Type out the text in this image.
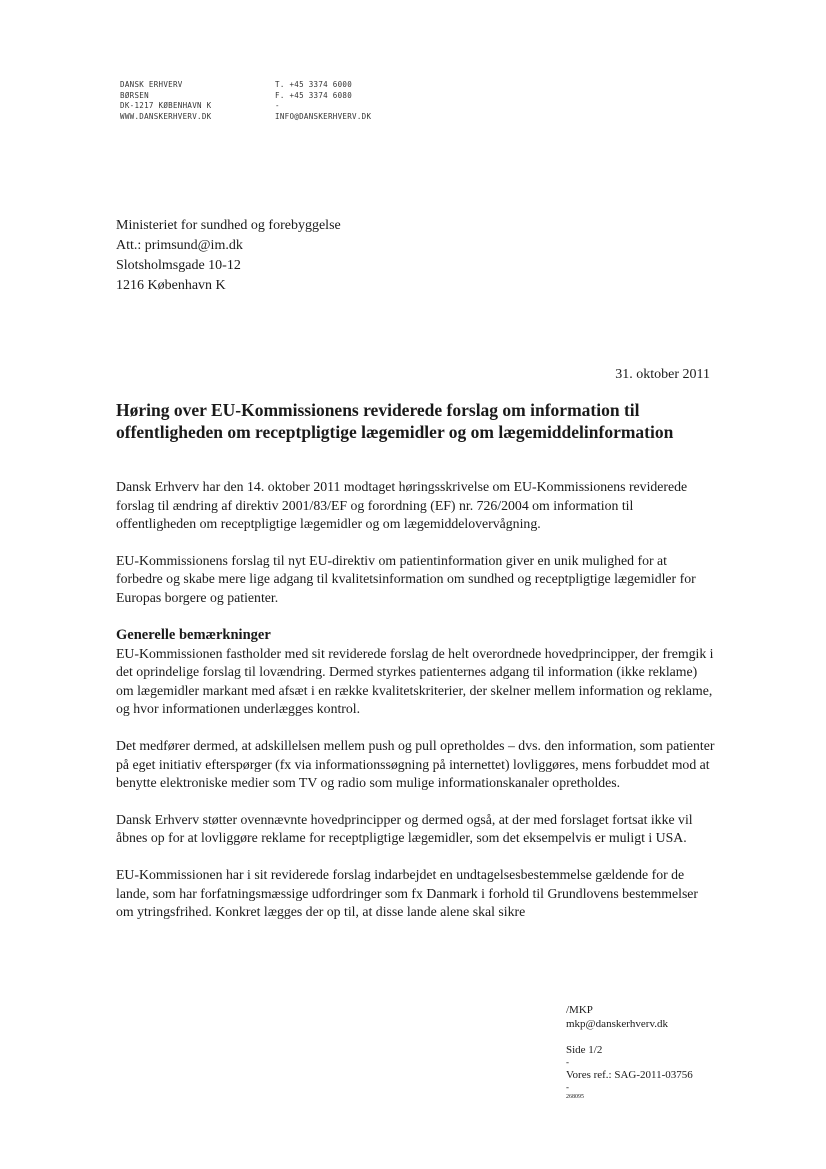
DANSK ERHVERV
BØRSEN
DK-1217 KØBENHAVN K
WWW.DANSKERHVERV.DK
T. +45 3374 6000
F. +45 3374 6080
-
INFO@DANSKERHVERV.DK
Ministeriet for sundhed og forebyggelse
Att.: primsund@im.dk
Slotsholmsgade 10-12
1216 København K
31. oktober 2011
Høring over EU-Kommissionens reviderede forslag om information til offentligheden om receptpligtige lægemidler og om lægemiddelinformation

Dansk Erhverv har den 14. oktober 2011 modtaget høringsskrivelse om EU-Kommissionens reviderede forslag til ændring af direktiv 2001/83/EF og forordning (EF) nr. 726/2004 om information til offentligheden om receptpligtige lægemidler og om lægemiddelovervågning.

EU-Kommissionens forslag til nyt EU-direktiv om patientinformation giver en unik mulighed for at forbedre og skabe mere lige adgang til kvalitetsinformation om sundhed og receptpligtige lægemidler for Europas borgere og patienter.

Generelle bemærkninger

EU-Kommissionen fastholder med sit reviderede forslag de helt overordnede hovedprincipper, der fremgik i det oprindelige forslag til lovændring. Dermed styrkes patienternes adgang til information (ikke reklame) om lægemidler markant med afsæt i en række kvalitetskriterier, der skelner mellem information og reklame, og hvor informationen underlægges kontrol.

Det medfører dermed, at adskillelsen mellem push og pull opretholdes – dvs. den information, som patienter på eget initiativ efterspørger (fx via informationssøgning på internettet) lovliggøres, mens forbuddet mod at benytte elektroniske medier som TV og radio som mulige informationskanaler opretholdes.

Dansk Erhverv støtter ovennævnte hovedprincipper og dermed også, at der med forslaget fortsat ikke vil åbnes op for at lovliggøre reklame for receptpligtige lægemidler, som det eksempelvis er muligt i USA.

EU-Kommissionen har i sit reviderede forslag indarbejdet en undtagelsesbestemmelse gældende for de lande, som har forfatningsmæssige udfordringer som fx Danmark i forhold til Grundlovens bestemmelser om ytringsfrihed. Konkret lægges der op til, at disse lande alene skal sikre

/MKP
mkp@danskerhverv.dk
Side 1/2
-
Vores ref.: SAG-2011-03756
-
268095
